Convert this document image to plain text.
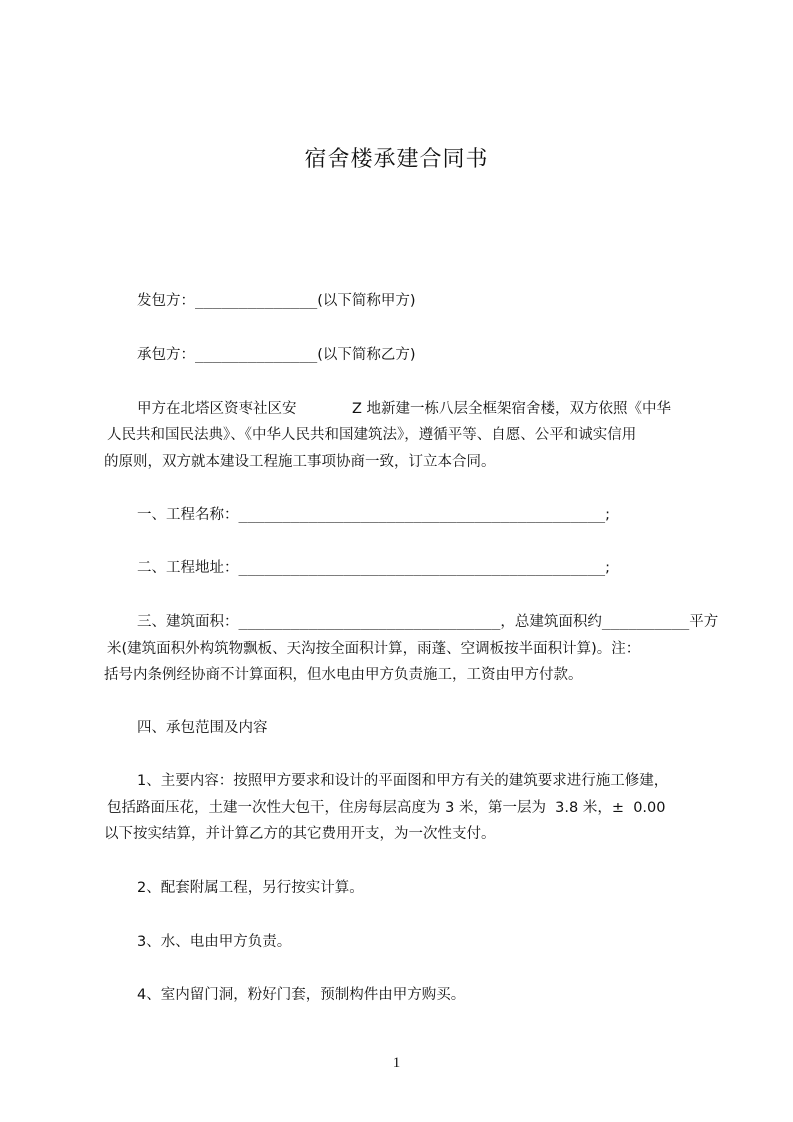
宿舍楼承建合同书
发包方：______________(以下简称甲方)
承包方：______________(以下简称乙方)
甲方在北塔区资枣社区安	Z 地新建一栋八层全框架宿舍楼，双方依照《中华
人民共和国民法典》、《中华人民共和国建筑法》，遵循平等、自愿、公平和诚实信用
的原则，双方就本建设工程施工事项协商一致，订立本合同。
一、工程名称：__________________________________________;
二、工程地址：__________________________________________;
三、建筑面积：______________________________，总建筑面积约__________平方
米(建筑面积外构筑物飘板、天沟按全面积计算，雨蓬、空调板按半面积计算)。注：
括号内条例经协商不计算面积，但水电由甲方负责施工，工资由甲方付款。
四、承包范围及内容
1、主要内容：按照甲方要求和设计的平面图和甲方有关的建筑要求进行施工修建，
包括路面压花，土建一次性大包干，住房每层高度为 3 米，第一层为  3.8 米，±  0.00
以下按实结算，并计算乙方的其它费用开支，为一次性支付。
2、配套附属工程，另行按实计算。
3、水、电由甲方负责。
4、室内留门洞，粉好门套，预制构件由甲方购买。
1
